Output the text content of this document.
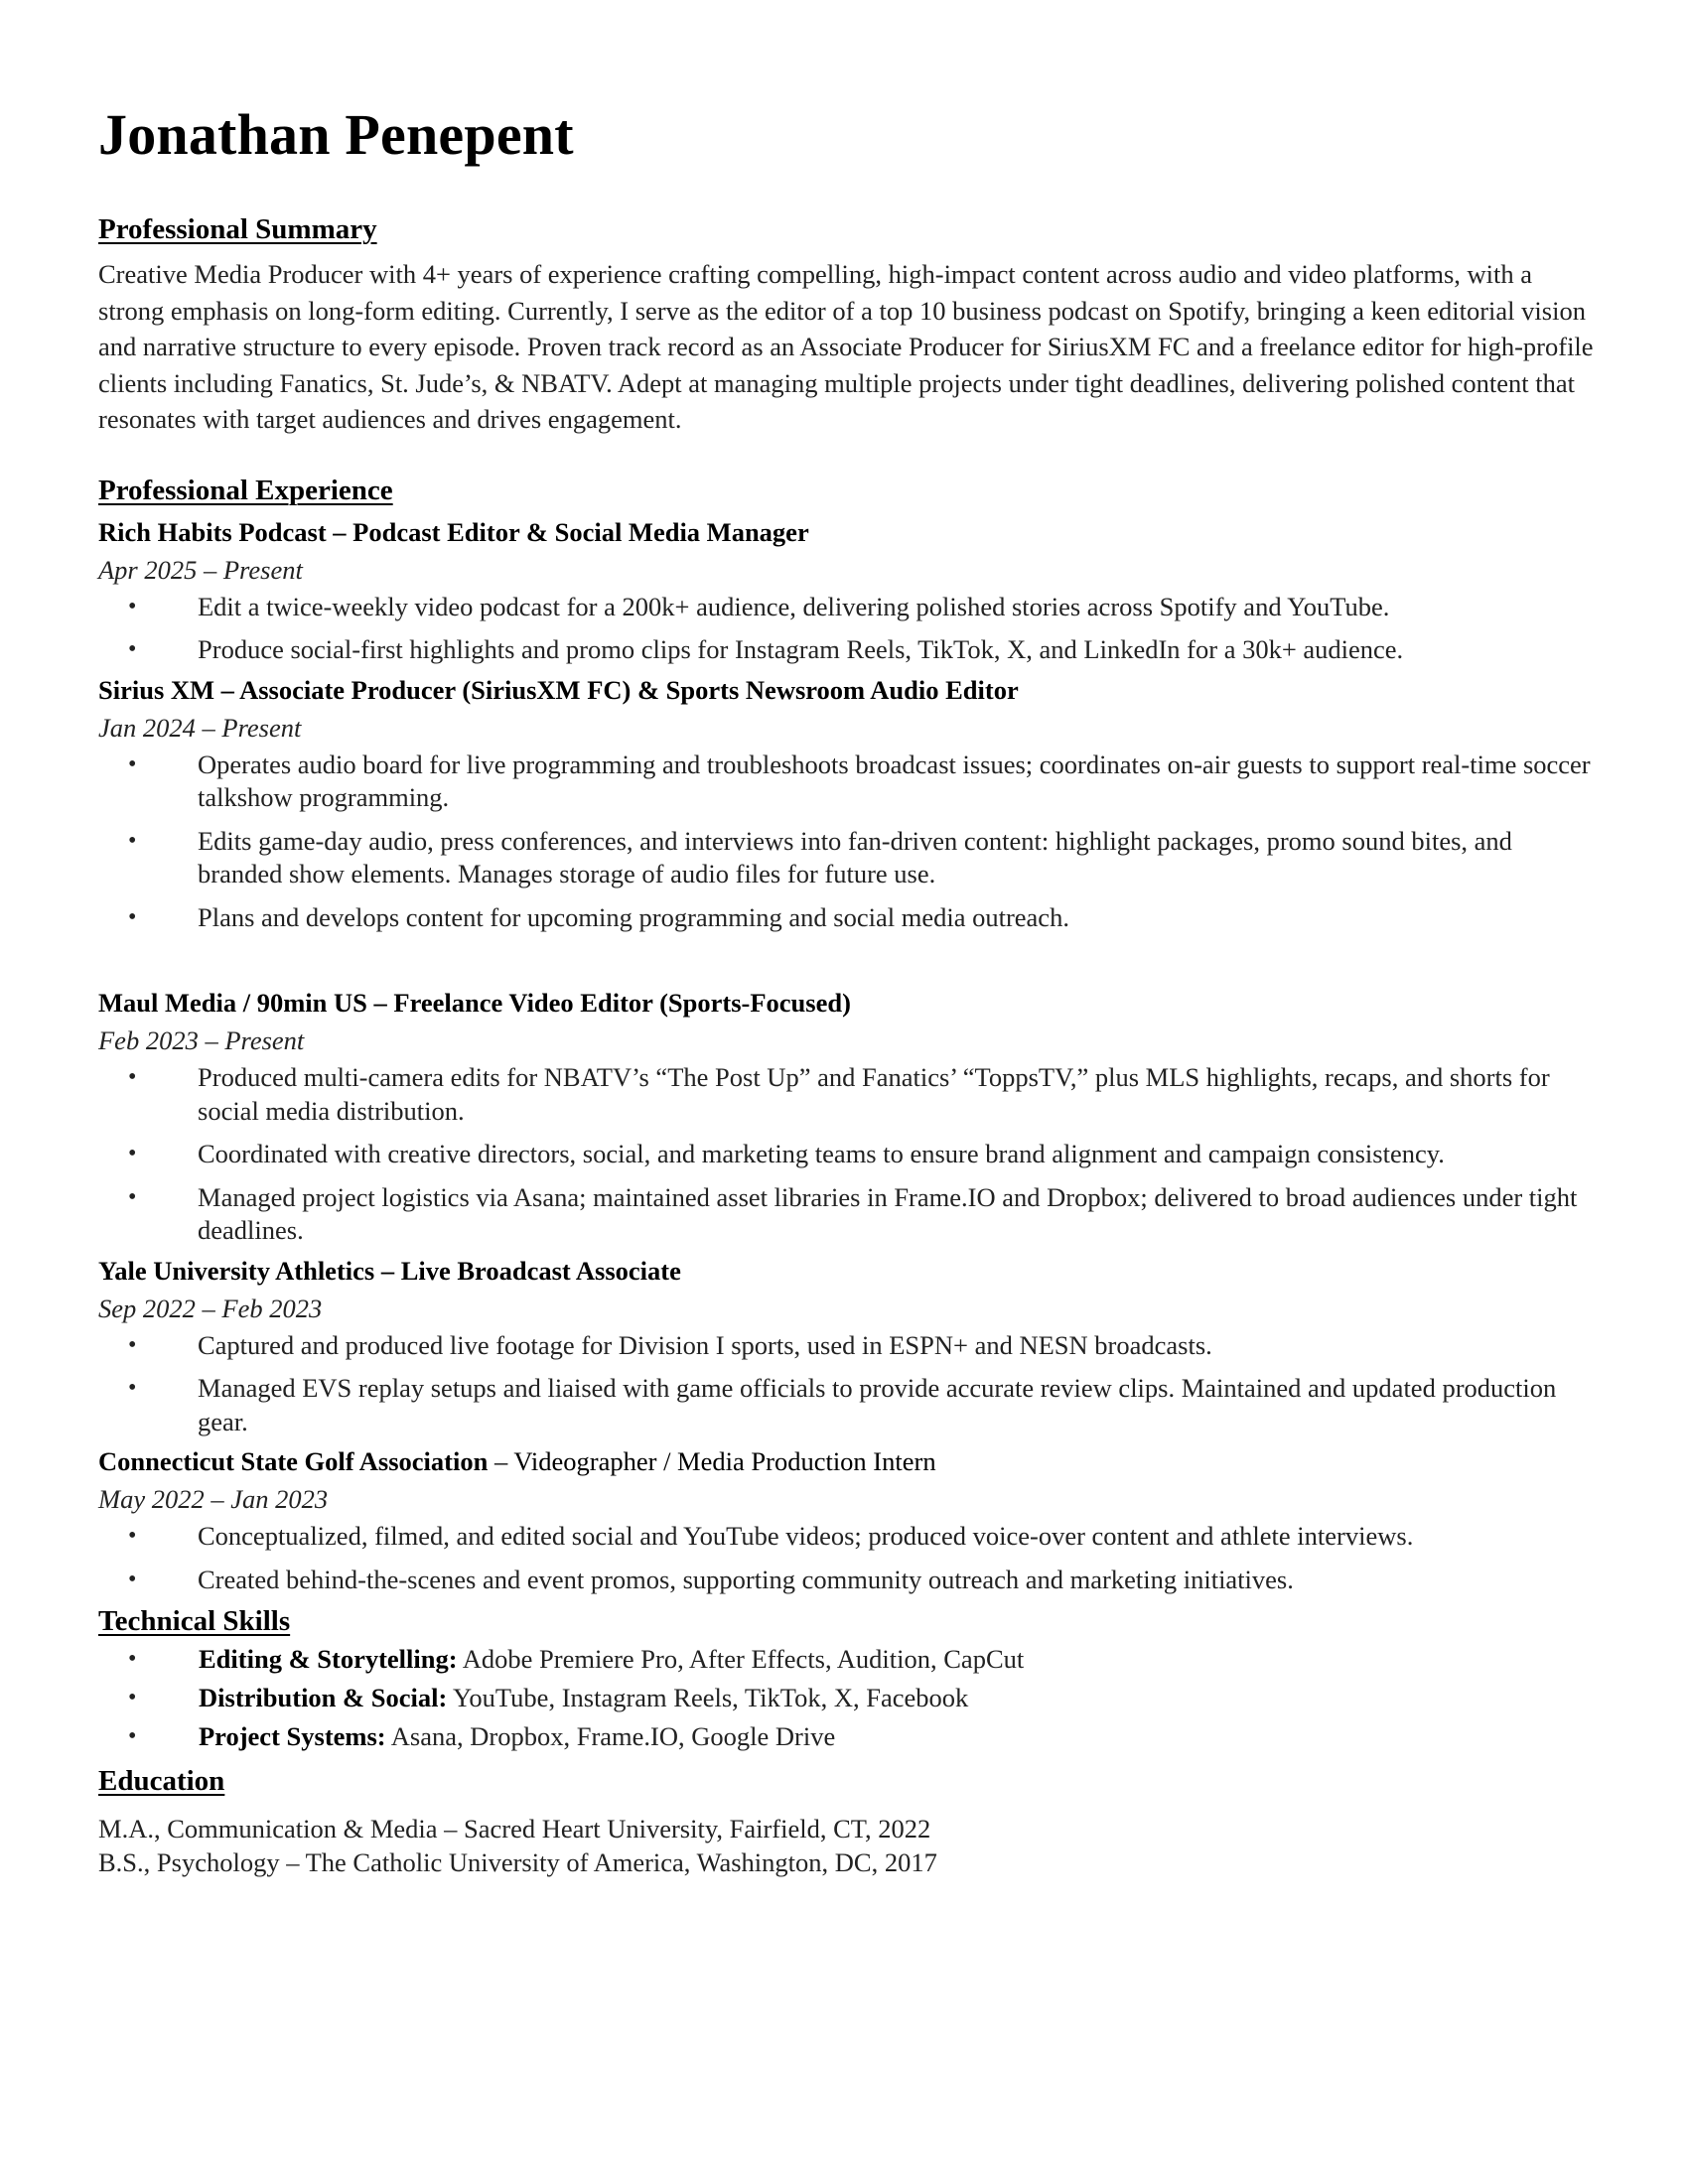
Jonathan Penepent
Professional Summary

Creative Media Producer with 4+ years of experience crafting compelling, high-impact content across audio and video platforms, with a strong emphasis on long-form editing. Currently, I serve as the editor of a top 10 business podcast on Spotify, bringing a keen editorial vision and narrative structure to every episode. Proven track record as an Associate Producer for SiriusXM FC and a freelance editor for high-profile clients including Fanatics, St. Jude’s, & NBATV. Adept at managing multiple projects under tight deadlines, delivering polished content that resonates with target audiences and drives engagement.

Professional Experience

Rich Habits Podcast – Podcast Editor & Social Media Manager

Apr 2025 – Present

• Edit a twice-weekly video podcast for a 200k+ audience, delivering polished stories across Spotify and YouTube.
• Produce social-first highlights and promo clips for Instagram Reels, TikTok, X, and LinkedIn for a 30k+ audience.

Sirius XM – Associate Producer (SiriusXM FC) & Sports Newsroom Audio Editor

Jan 2024 – Present

• Operates audio board for live programming and troubleshoots broadcast issues; coordinates on-air guests to support real-time soccer talkshow programming.
• Edits game-day audio, press conferences, and interviews into fan-driven content: highlight packages, promo sound bites, and branded show elements. Manages storage of audio files for future use.
• Plans and develops content for upcoming programming and social media outreach.

Maul Media / 90min US – Freelance Video Editor (Sports-Focused)

Feb 2023 – Present

• Produced multi-camera edits for NBATV’s “The Post Up” and Fanatics’ “ToppsTV,” plus MLS highlights, recaps, and shorts for social media distribution.
• Coordinated with creative directors, social, and marketing teams to ensure brand alignment and campaign consistency.
• Managed project logistics via Asana; maintained asset libraries in Frame.IO and Dropbox; delivered to broad audiences under tight deadlines.

Yale University Athletics – Live Broadcast Associate

Sep 2022 – Feb 2023

• Captured and produced live footage for Division I sports, used in ESPN+ and NESN broadcasts.
• Managed EVS replay setups and liaised with game officials to provide accurate review clips. Maintained and updated production gear.

Connecticut State Golf Association – Videographer / Media Production Intern

May 2022 – Jan 2023

• Conceptualized, filmed, and edited social and YouTube videos; produced voice-over content and athlete interviews.
• Created behind-the-scenes and event promos, supporting community outreach and marketing initiatives.
Technical Skills
• Editing & Storytelling: Adobe Premiere Pro, After Effects, Audition, CapCut
• Distribution & Social: YouTube, Instagram Reels, TikTok, X, Facebook
• Project Systems: Asana, Dropbox, Frame.IO, Google Drive
Education

M.A., Communication & Media – Sacred Heart University, Fairfield, CT, 2022

B.S., Psychology – The Catholic University of America, Washington, DC, 2017
